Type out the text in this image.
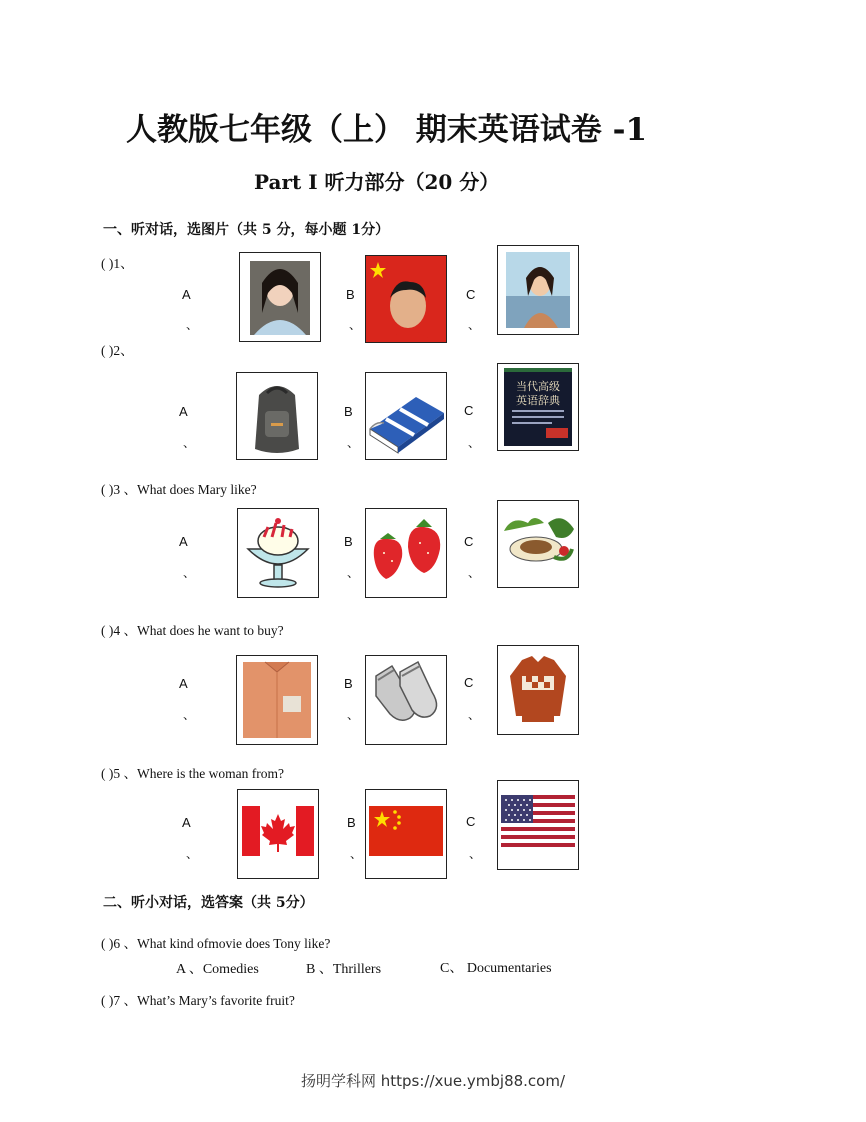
人教版七年级（上） 期末英语试卷 -1
Part Ⅰ 听力部分（20 分）
一、听对话，选图片（共 5 分，每小题 1分）
( )1、
A
、
B
、
C
、
( )2、
A
、
B
、
C
、
当代高级
英语辞典
( )3 、What does Mary like?
A
、
B
、
C
、
( )4 、What does he want to buy?
A
、
B
、
C
、
( )5 、Where is the woman from?
A
、
B
、
C
、
二、听小对话，选答案（共 5分）
( )6 、What kind ofmovie does Tony like?
A 、Comedies	B 、Thrillers	C、 Documentaries
( )7 、What’s Mary’s favorite fruit?
扬明学科网 https://xue.ymbj88.com/
